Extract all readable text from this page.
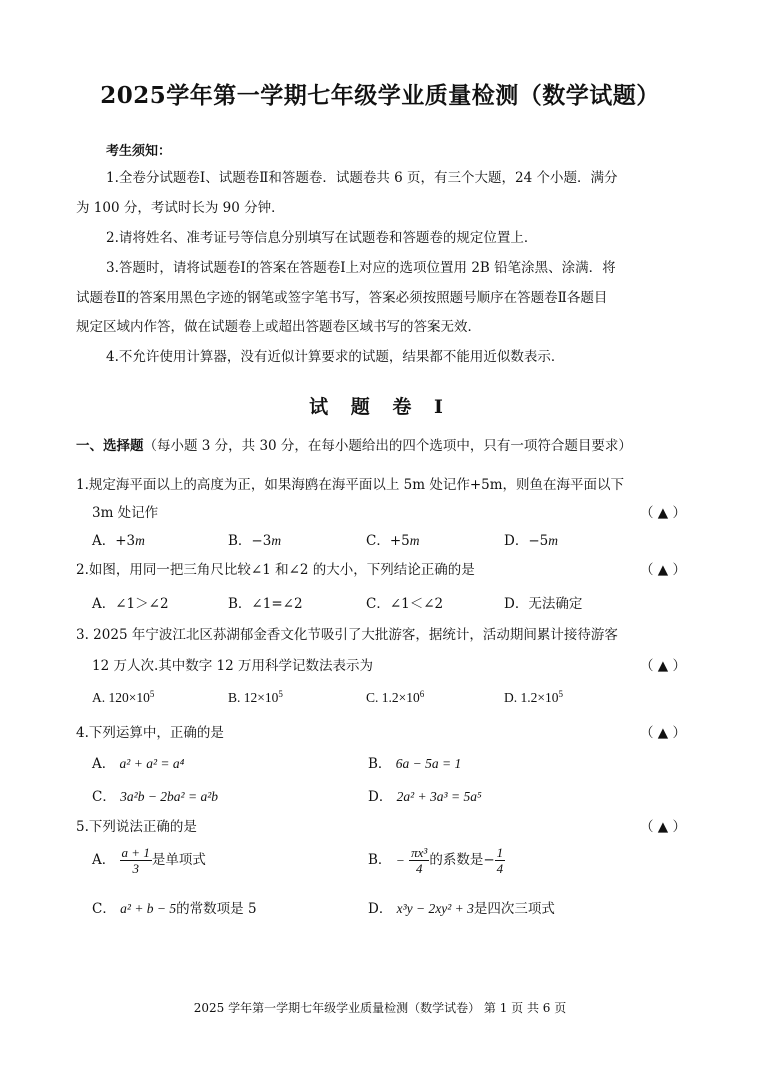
2025学年第一学期七年级学业质量检测（数学试题）
考生须知：
1.全卷分试题卷Ⅰ、试题卷Ⅱ和答题卷．试题卷共 6 页，有三个大题，24 个小题．满分
为 100 分，考试时长为 90 分钟．
2.请将姓名、准考证号等信息分别填写在试题卷和答题卷的规定位置上．
3.答题时，请将试题卷Ⅰ的答案在答题卷Ⅰ上对应的选项位置用 2B 铅笔涂黑、涂满．将
试题卷Ⅱ的答案用黑色字迹的钢笔或签字笔书写，答案必须按照题号顺序在答题卷Ⅱ各题目
规定区域内作答，做在试题卷上或超出答题卷区域书写的答案无效．
4.不允许使用计算器，没有近似计算要求的试题，结果都不能用近似数表示．
试 题 卷 Ⅰ
一、选择题（每小题 3 分，共 30 分，在每小题给出的四个选项中，只有一项符合题目要求）
1.规定海平面以上的高度为正，如果海鸥在海平面以上 5m 处记作+5m，则鱼在海平面以下
3m 处记作	（ ▲ ）
A．+3m	B．−3m	C．+5m	D．−5m
2.如图，用同一把三角尺比较∠1 和∠2 的大小，下列结论正确的是	（ ▲ ）
A．∠1＞∠2	B．∠1=∠2	C．∠1＜∠2	D．无法确定
3. 2025 年宁波江北区荪湖郁金香文化节吸引了大批游客，据统计，活动期间累计接待游客
12 万人次.其中数字 12 万用科学记数法表示为	（ ▲ ）
A. $120\times 10^5$	B. $12\times 10^5$	C. $1.2\times 10^6$	D. $1.2\times 10^5$
4.下列运算中，正确的是	（ ▲ ）
A． a² + a² = a⁴	B． 6a − 5a = 1
C． 3a²b − 2ba² = a²b	D． 2a² + 3a³ = 5a⁵
5.下列说法正确的是	（ ▲ ）
A． $\frac{a + 1}{3}$ 是单项式	B． − $\frac{\text{πx³}}{4}$ 的系数是− $\frac{1}{4}$
C． a² + b − 5的常数项是 5	D． x³y − 2xy² + 3是四次三项式
2025 学年第一学期七年级学业质量检测（数学试卷） 第 1 页 共 6 页
